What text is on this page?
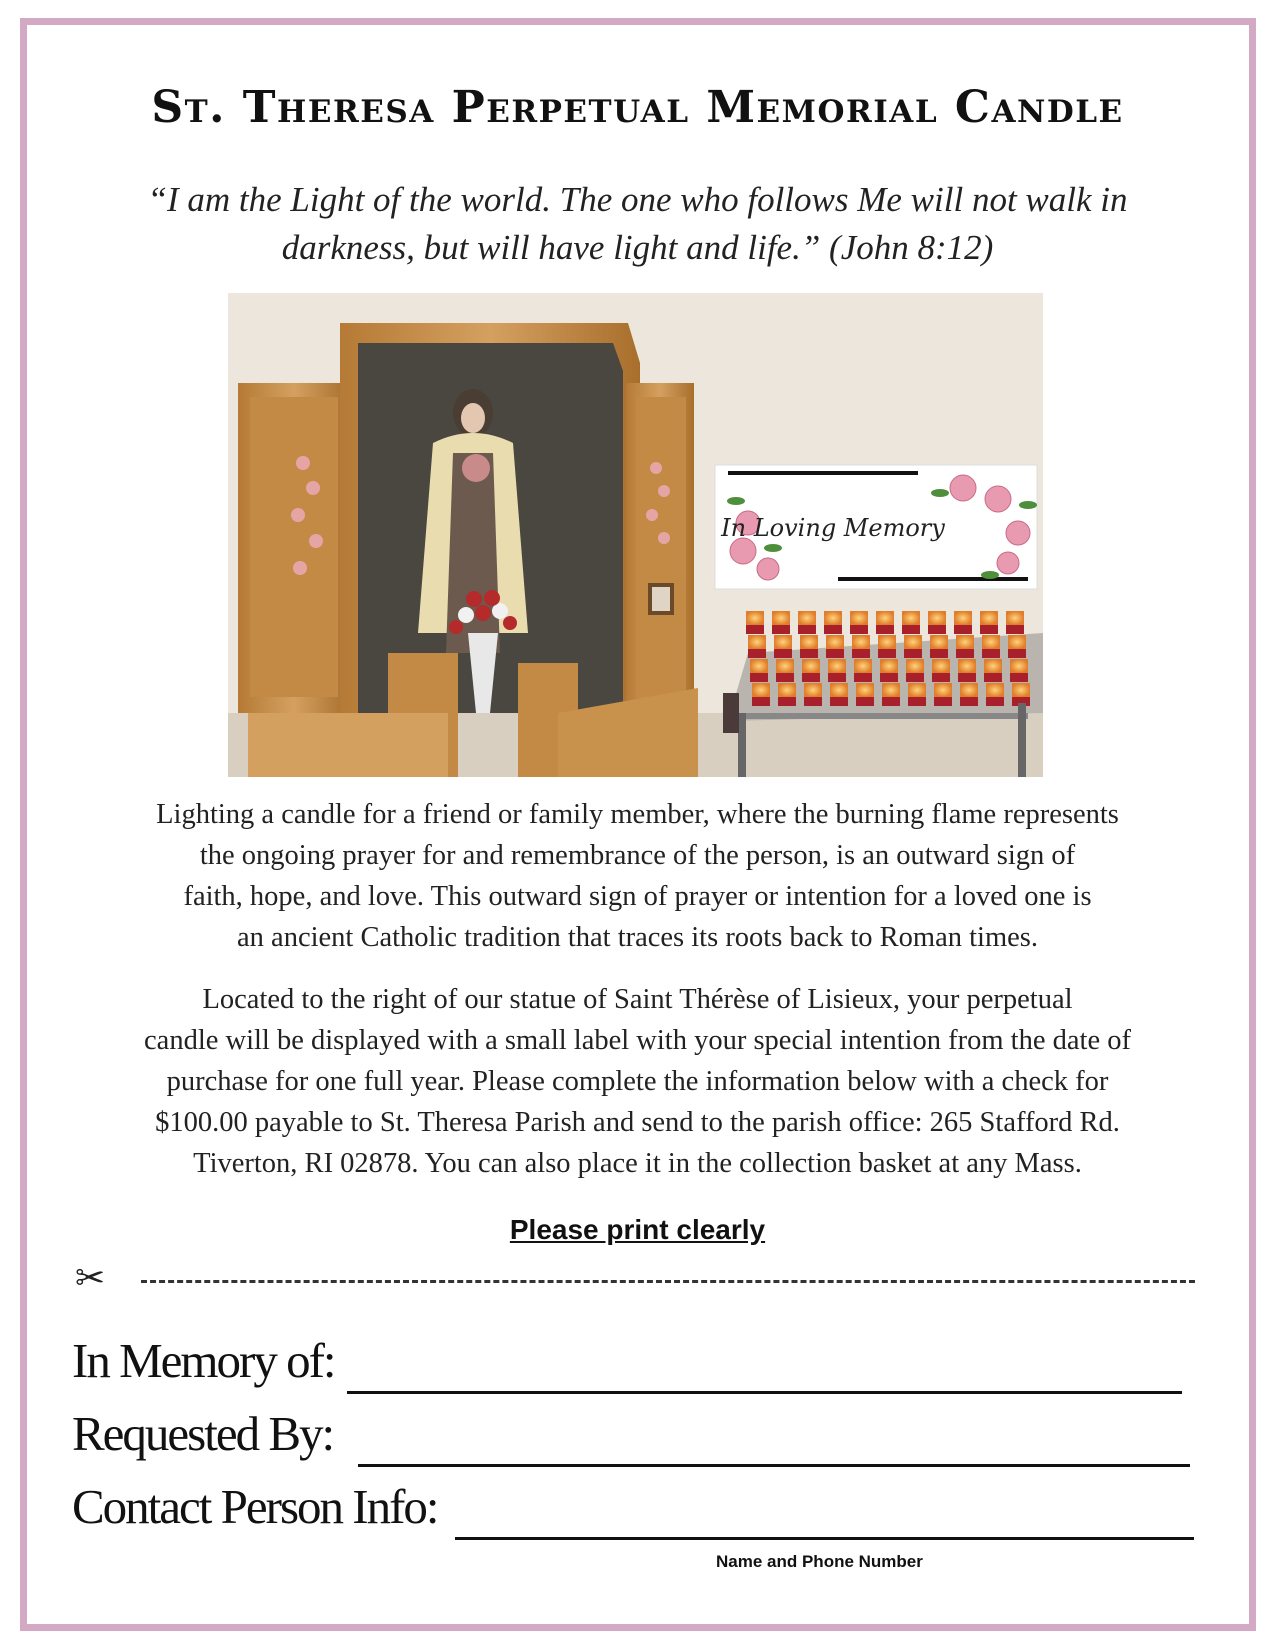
St. Theresa Perpetual Memorial Candle
“I am the Light of the world. The one who follows Me will not walk in
darkness, but will have light and life.” (John 8:12)
In Loving Memory
Lighting a candle for a friend or family member, where the burning flame represents
the ongoing prayer for and remembrance of the person, is an outward sign of
faith, hope, and love. This outward sign of prayer or intention for a loved one is
an ancient Catholic tradition that traces its roots back to Roman times.
Located to the right of our statue of Saint Thérèse of Lisieux, your perpetual
candle will be displayed with a small label with your special intention from the date of
purchase for one full year. Please complete the information below with a check for
$100.00 payable to St. Theresa Parish and send to the parish office: 265 Stafford Rd.
Tiverton, RI 02878. You can also place it in the collection basket at any Mass.
Please print clearly
✂
In Memory of:
Requested By:
Contact Person Info:
Name and Phone Number
